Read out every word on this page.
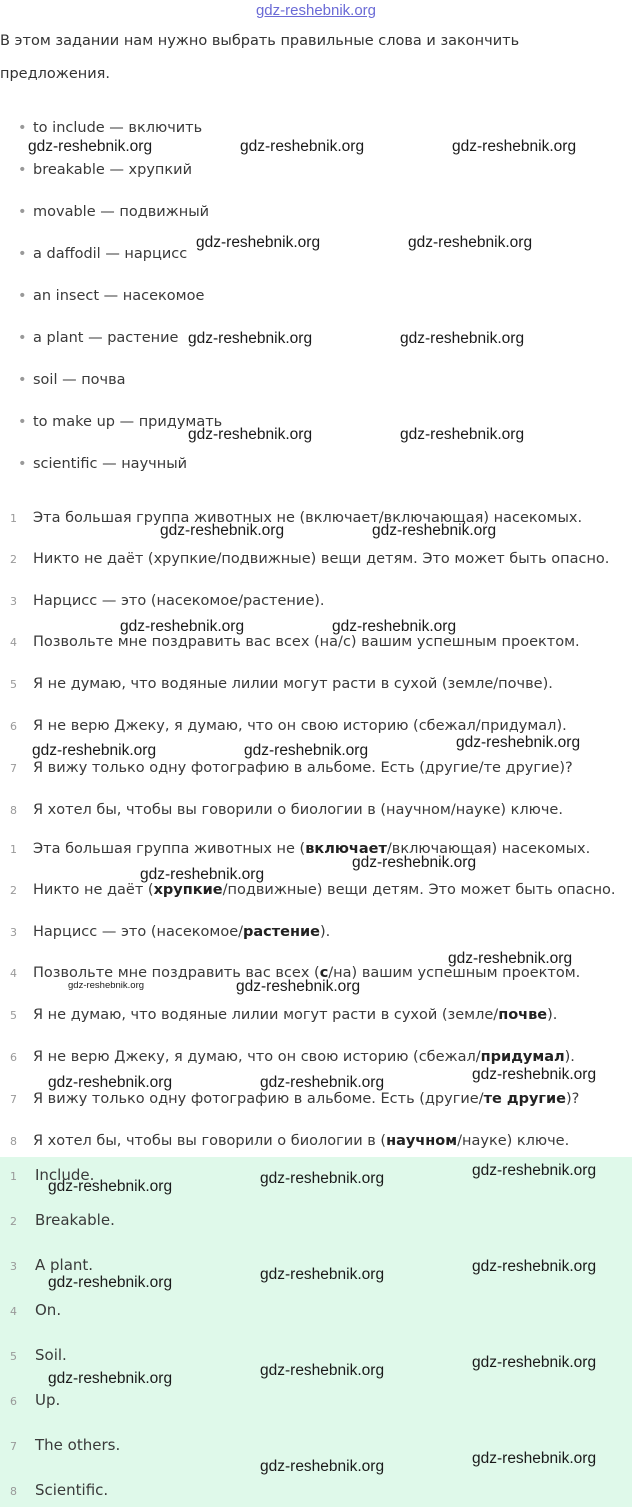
gdz-reshebnik.org
В этом задании нам нужно выбрать правильные слова и закончить
предложения.
• to include — включить
• breakable — хрупкий
• movable — подвижный
• a daffodil — нарцисс
• an insect — насекомое
• a plant — растение
• soil — почва
• to make up — придумать
• scientific — научный
1 Эта большая группа животных не (включает/включающая) насекомых.
2 Никто не даёт (хрупкие/подвижные) вещи детям. Это может быть опасно.
3 Нарцисс — это (насекомое/растение).
4 Позвольте мне поздравить вас всех (на/с) вашим успешным проектом.
5 Я не думаю, что водяные лилии могут расти в сухой (земле/почве).
6 Я не верю Джеку, я думаю, что он свою историю (сбежал/придумал).
7 Я вижу только одну фотографию в альбоме. Есть (другие/те другие)?
8 Я хотел бы, чтобы вы говорили о биологии в (научном/науке) ключе.
1 Эта большая группа животных не (включает/включающая) насекомых.
2 Никто не даёт (хрупкие/подвижные) вещи детям. Это может быть опасно.
3 Нарцисс — это (насекомое/растение).
4 Позвольте мне поздравить вас всех (с/на) вашим успешным проектом.
5 Я не думаю, что водяные лилии могут расти в сухой (земле/почве).
6 Я не верю Джеку, я думаю, что он свою историю (сбежал/придумал).
7 Я вижу только одну фотографию в альбоме. Есть (другие/те другие)?
8 Я хотел бы, чтобы вы говорили о биологии в (научном/науке) ключе.
1 Include.
2 Breakable.
3 A plant.
4 On.
5 Soil.
6 Up.
7 The others.
8 Scientific.
gdz-reshebnik.org	gdz-reshebnik.org	gdz-reshebnik.org
gdz-reshebnik.org	gdz-reshebnik.org
gdz-reshebnik.org	gdz-reshebnik.org
gdz-reshebnik.org	gdz-reshebnik.org
gdz-reshebnik.org	gdz-reshebnik.org
gdz-reshebnik.org	gdz-reshebnik.org
gdz-reshebnik.org
gdz-reshebnik.org	gdz-reshebnik.org
gdz-reshebnik.org
gdz-reshebnik.org
gdz-reshebnik.org
gdz-reshebnik.org	gdz-reshebnik.org
gdz-reshebnik.org
gdz-reshebnik.org	gdz-reshebnik.org
gdz-reshebnik.org
gdz-reshebnik.org
gdz-reshebnik.org
gdz-reshebnik.org
gdz-reshebnik.org
gdz-reshebnik.org
gdz-reshebnik.org
gdz-reshebnik.org
gdz-reshebnik.org
gdz-reshebnik.org
gdz-reshebnik.org
